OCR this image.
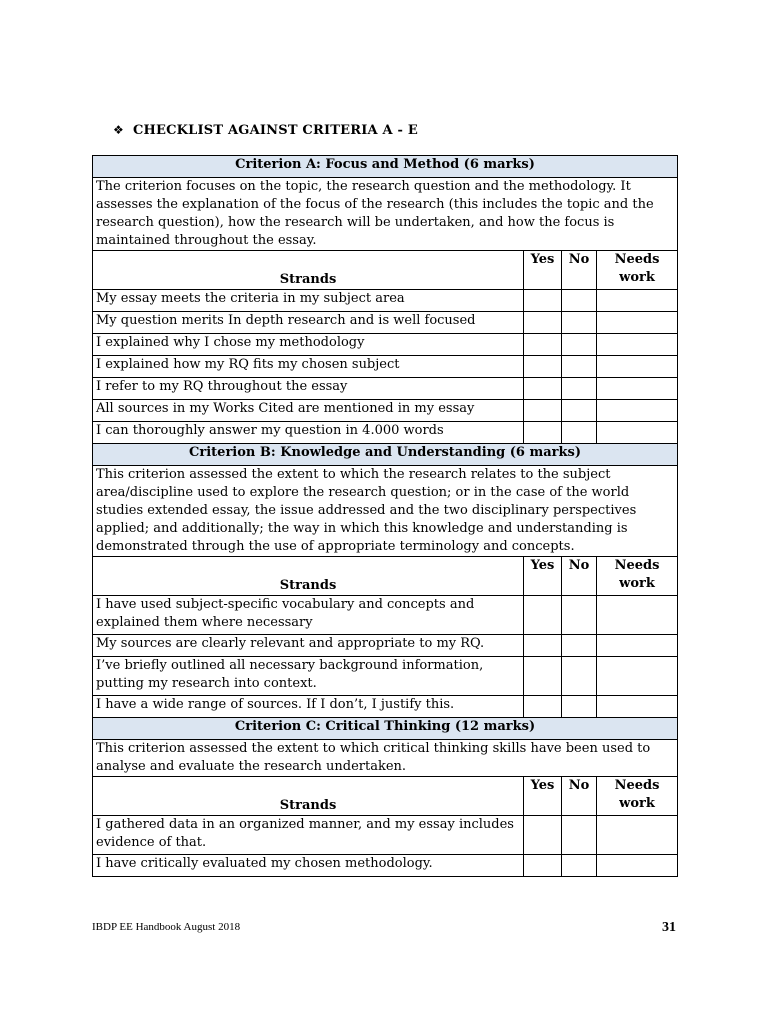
❖ CHECKLIST AGAINST CRITERIA A - E
Criterion A: Focus and Method (6 marks)			
The criterion focuses on the topic, the research question and the methodology. It assesses the explanation of the focus of the research (this includes the topic and the research question), how the research will be undertaken, and how the focus is maintained throughout the essay.			
Strands	Yes	No	Needs work
My essay meets the criteria in my subject area			
My question merits In depth research and is well focused			
I explained why I chose my methodology			
I explained how my RQ fits my chosen subject			
I refer to my RQ throughout the essay			
All sources in my Works Cited are mentioned in my essay			
I can thoroughly answer my question in 4.000 words			
Criterion B: Knowledge and Understanding (6 marks)			
This criterion assessed the extent to which the research relates to the subject area/discipline used to explore the research question; or in the case of the world studies extended essay, the issue addressed and the two disciplinary perspectives applied; and additionally; the way in which this knowledge and understanding is demonstrated through the use of appropriate terminology and concepts.			
Strands	Yes	No	Needs work
I have used subject-specific vocabulary and concepts and explained them where necessary			
My sources are clearly relevant and appropriate to my RQ.			
I’ve briefly outlined all necessary background information, putting my research into context.			
I have a wide range of sources. If I don’t, I justify this.			
Criterion C: Critical Thinking (12 marks)			
This criterion assessed the extent to which critical thinking skills have been used to analyse and evaluate the research undertaken.			
Strands	Yes	No	Needs work
I gathered data in an organized manner, and my essay includes evidence of that.			
I have critically evaluated my chosen methodology.			
IBDP EE Handbook August 2018	31
